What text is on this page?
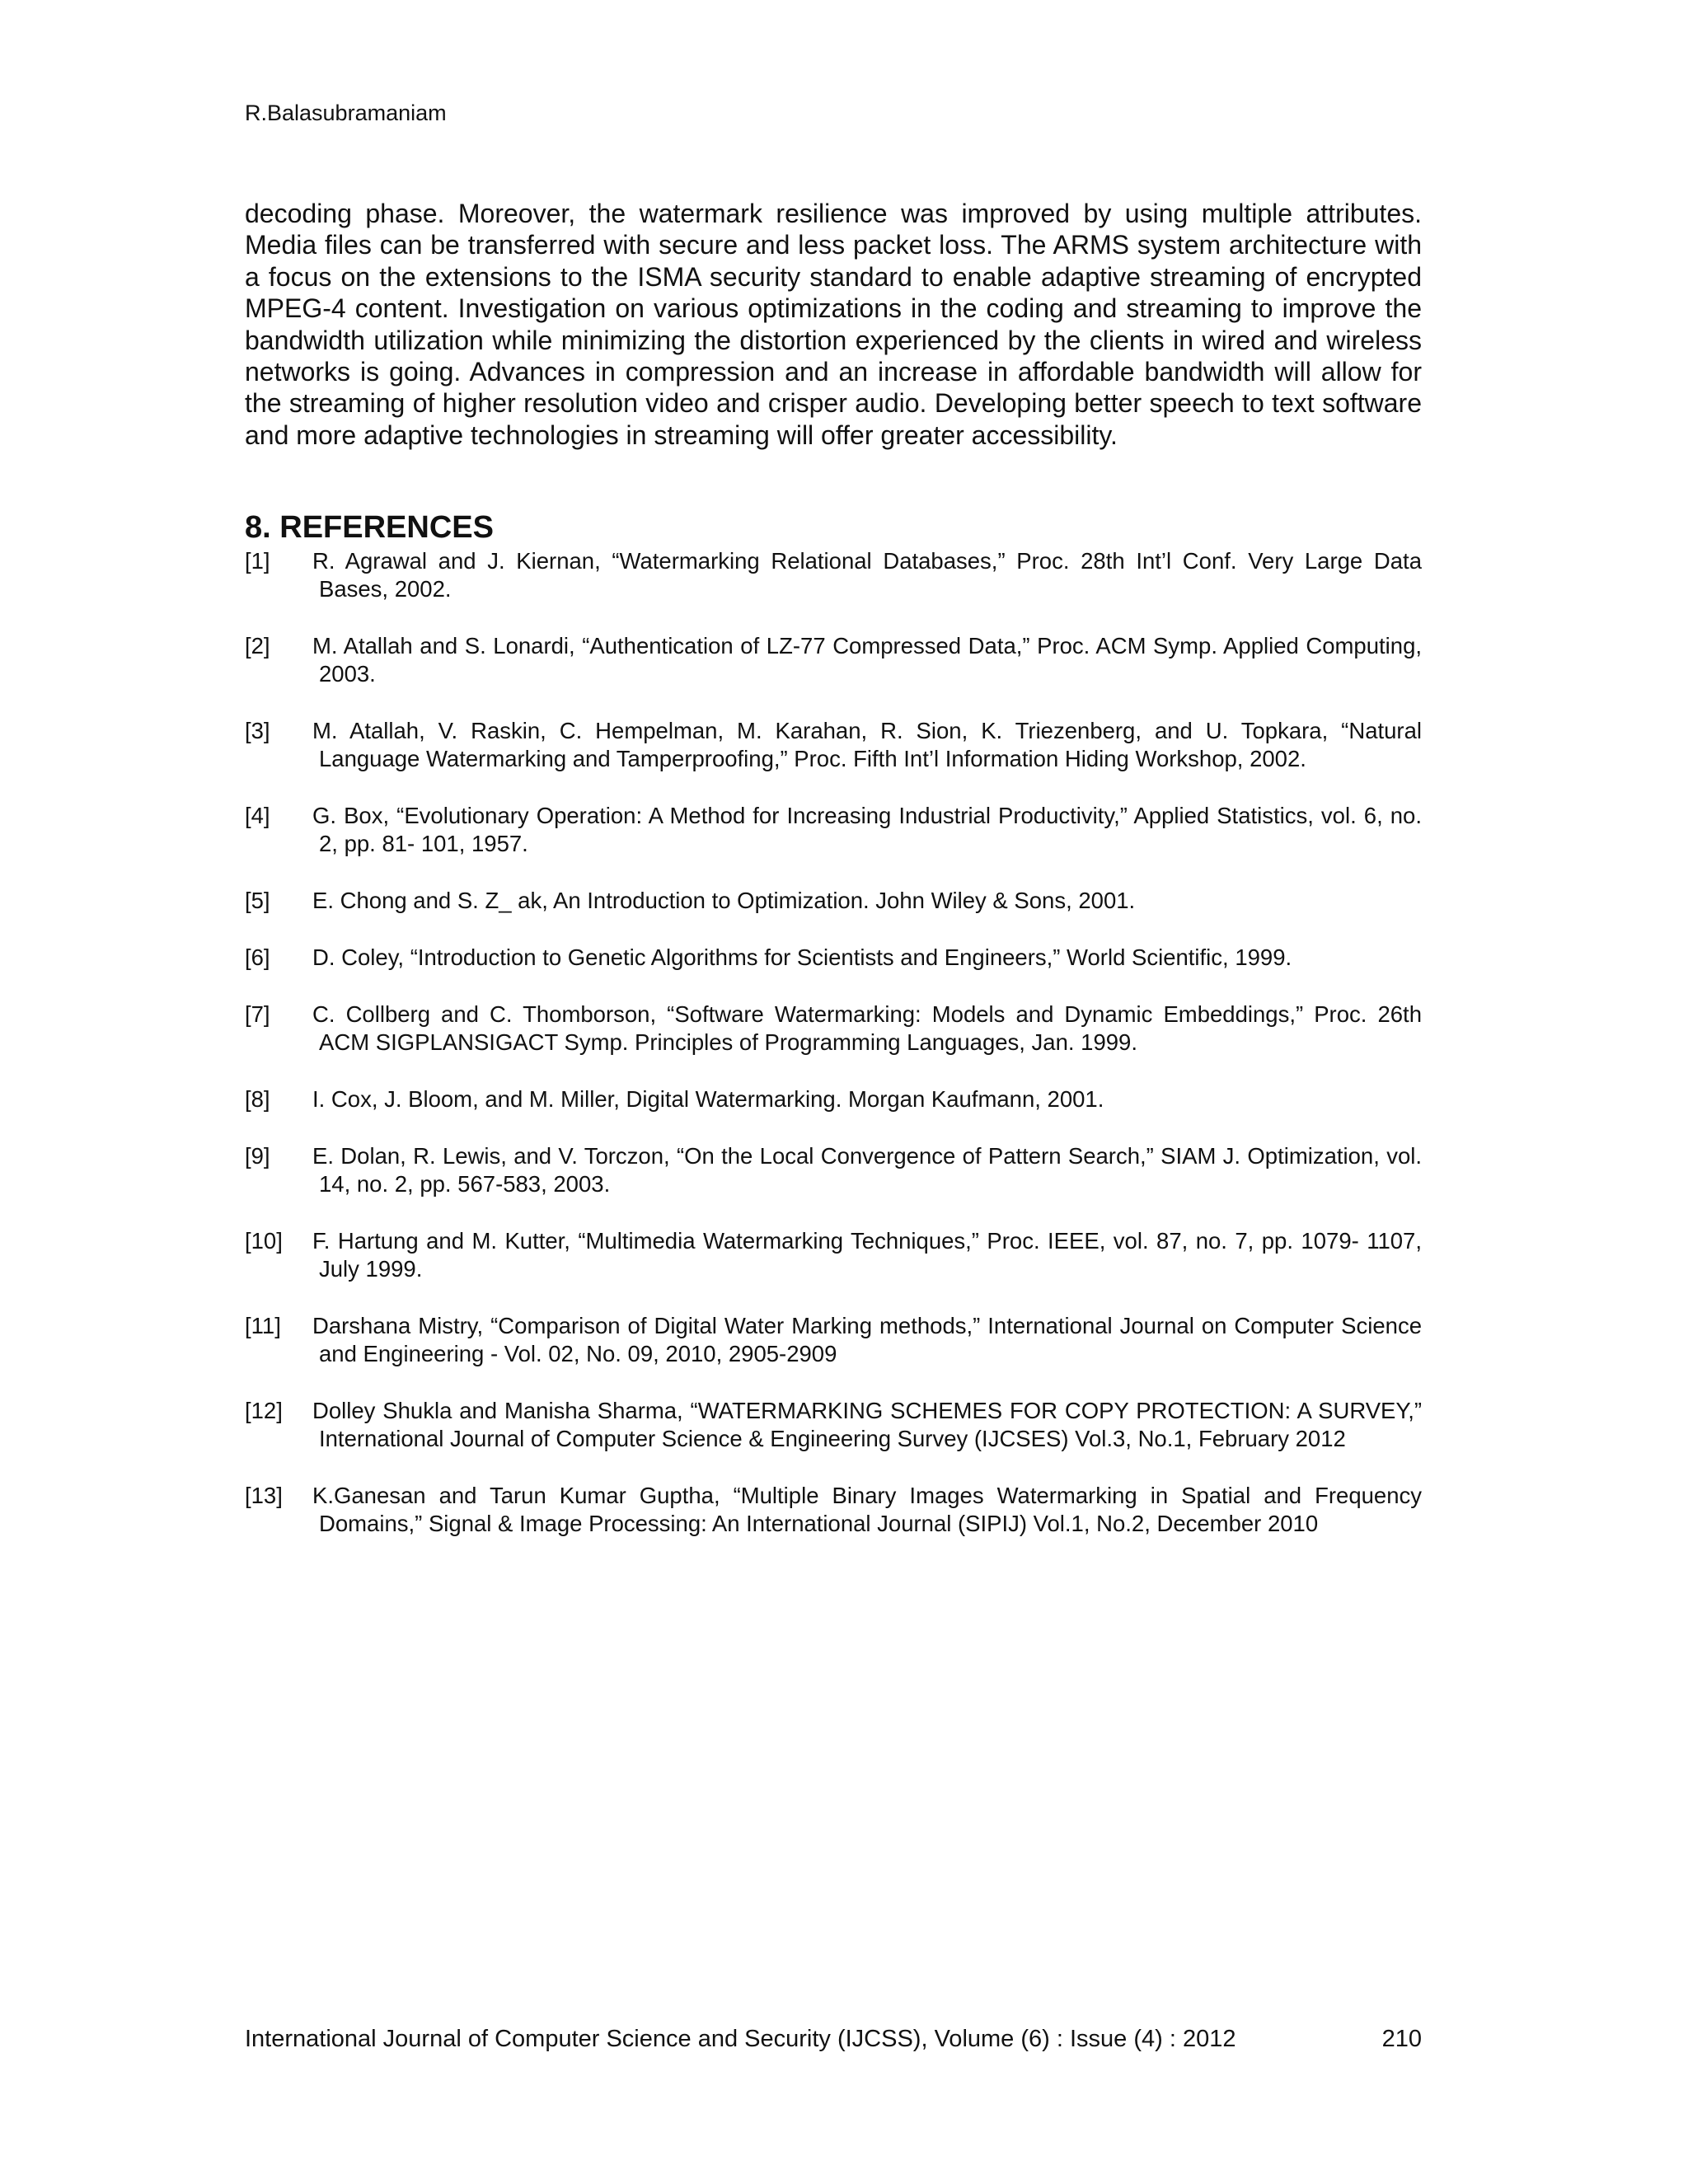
R.Balasubramaniam

decoding phase. Moreover, the watermark resilience was improved by using multiple attributes. Media files can be transferred with secure and less packet loss. The ARMS system architecture with a focus on the extensions to the ISMA security standard to enable adaptive streaming of encrypted MPEG-4 content. Investigation on various optimizations in the coding and streaming to improve the bandwidth utilization while minimizing the distortion experienced by the clients in wired and wireless networks is going. Advances in compression and an increase in affordable bandwidth will allow for the streaming of higher resolution video and crisper audio. Developing better speech to text software and more adaptive technologies in streaming will offer greater accessibility.

8. REFERENCES
[1] R. Agrawal and J. Kiernan, “Watermarking Relational Databases,” Proc. 28th Int’l Conf. Very Large Data Bases, 2002.
[2] M. Atallah and S. Lonardi, “Authentication of LZ-77 Compressed Data,” Proc. ACM Symp. Applied Computing, 2003.
[3] M. Atallah, V. Raskin, C. Hempelman, M. Karahan, R. Sion, K. Triezenberg, and U. Topkara, “Natural Language Watermarking and Tamperproofing,” Proc. Fifth Int’l Information Hiding Workshop, 2002.
[4] G. Box, “Evolutionary Operation: A Method for Increasing Industrial Productivity,” Applied Statistics, vol. 6, no. 2, pp. 81- 101, 1957.
[5] E. Chong and S. Z_ ak, An Introduction to Optimization. John Wiley & Sons, 2001.
[6] D. Coley, “Introduction to Genetic Algorithms for Scientists and Engineers,” World Scientific, 1999.
[7] C. Collberg and C. Thomborson, “Software Watermarking: Models and Dynamic Embeddings,” Proc. 26th ACM SIGPLANSIGACT Symp. Principles of Programming Languages, Jan. 1999.
[8] I. Cox, J. Bloom, and M. Miller, Digital Watermarking. Morgan Kaufmann, 2001.
[9] E. Dolan, R. Lewis, and V. Torczon, “On the Local Convergence of Pattern Search,” SIAM J. Optimization, vol. 14, no. 2, pp. 567-583, 2003.
[10] F. Hartung and M. Kutter, “Multimedia Watermarking Techniques,” Proc. IEEE, vol. 87, no. 7, pp. 1079- 1107, July 1999.
[11] Darshana Mistry, “Comparison of Digital Water Marking methods,” International Journal on Computer Science and Engineering - Vol. 02, No. 09, 2010, 2905-2909
[12] Dolley Shukla and Manisha Sharma, “WATERMARKING SCHEMES FOR COPY PROTECTION: A SURVEY,” International Journal of Computer Science & Engineering Survey (IJCSES) Vol.3, No.1, February 2012
[13] K.Ganesan and Tarun Kumar Guptha, “Multiple Binary Images Watermarking in Spatial and Frequency Domains,” Signal & Image Processing: An International Journal (SIPIJ) Vol.1, No.2, December 2010

International Journal of Computer Science and Security (IJCSS), Volume (6) : Issue (4) : 2012	210
